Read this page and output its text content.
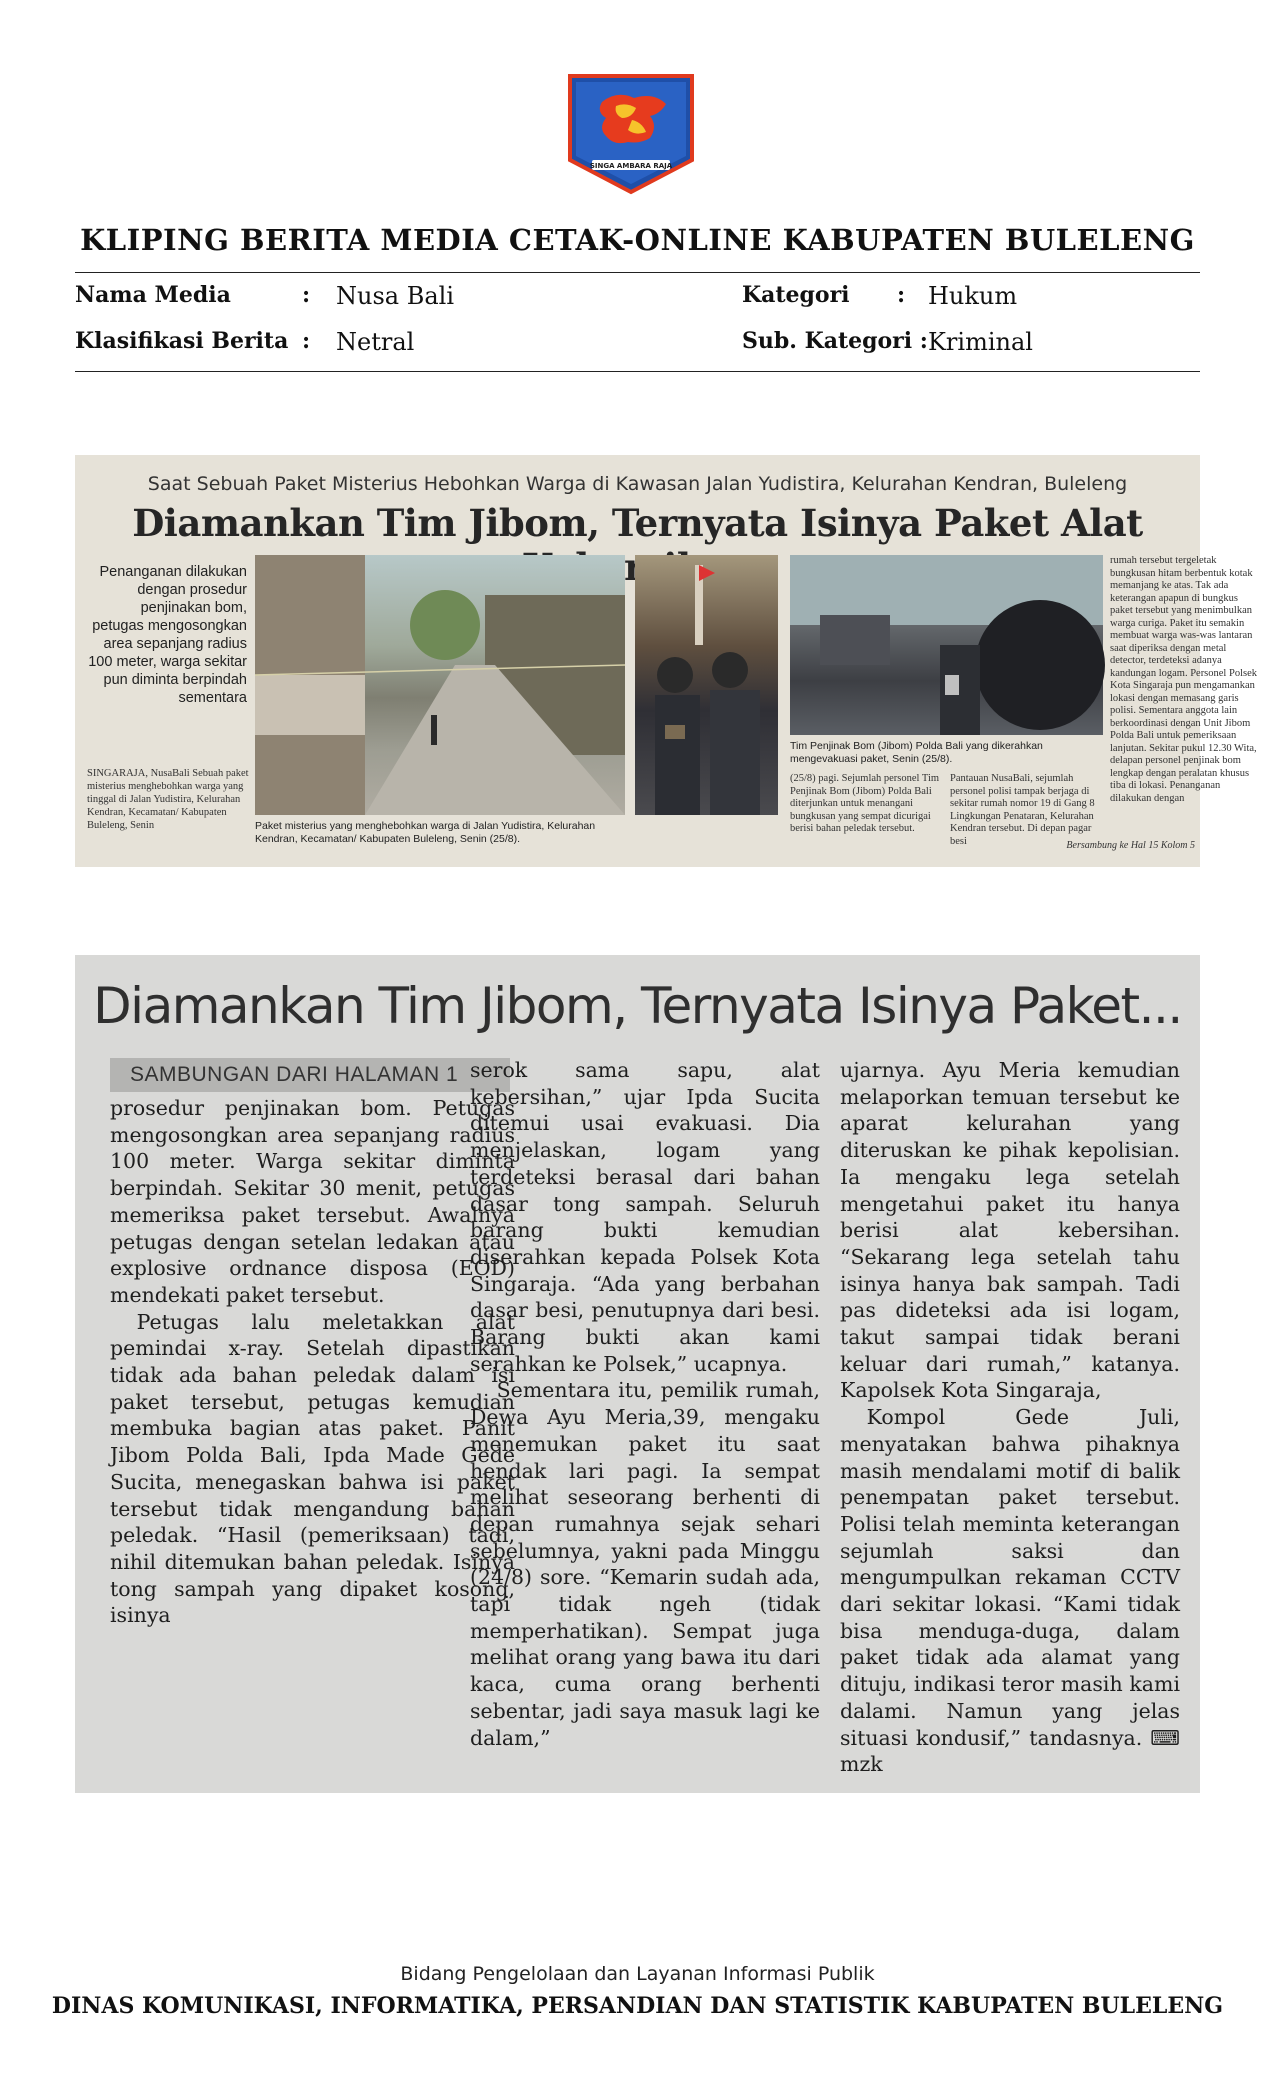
SINGA AMBARA RAJA
KLIPING BERITA MEDIA CETAK-ONLINE KABUPATEN BULELENG
Nama Media	: Nusa Bali	Kategori : Hukum
Klasifikasi Berita : Netral	Sub. Kategori : Kriminal
Saat Sebuah Paket Misterius Hebohkan Warga di Kawasan Jalan Yudistira, Kelurahan Kendran, Buleleng
Diamankan Tim Jibom, Ternyata Isinya Paket Alat
Penanganan dilakukan dengan prosedur penjinakan bom, petugas mengosongkan area sepanjang radius 100 meter, warga sekitar pun diminta berpindah sementara
SINGARAJA, NusaBali Sebuah paket misterius menghebohkan warga yang tinggal di Jalan Yudistira, Kelurahan Kendran, Kecamatan/ Kabupaten Buleleng, Senin	Paket misterius yang menghebohkan warga di Jalan Yudistira, Kelurahan Kendran, Kecamatan/ Kabupaten Buleleng, Senin (25/8).
Tim Penjinak Bom (Jibom) Polda Bali yang dikerahkan mengevakuasi paket, Senin (25/8).
(25/8) pagi. Sejumlah personel Tim Penjinak Bom (Jibom) Polda Bali diterjunkan untuk menangani bungkusan yang sempat dicurigai berisi bahan peledak tersebut.
Pantauan NusaBali, sejumlah personel polisi tampak berjaga di sekitar rumah nomor 19 di Gang 8 Lingkungan Penataran, Kelurahan Kendran tersebut. Di depan pagar besi
rumah tersebut tergeletak bungkusan hitam berbentuk kotak memanjang ke atas. Tak ada keterangan apapun di bungkus paket tersebut yang menimbulkan warga curiga. Paket itu semakin membuat warga was-was lantaran saat diperiksa dengan metal detector, terdeteksi adanya kandungan logam. Personel Polsek Kota Singaraja pun mengamankan lokasi dengan memasang garis polisi. Sementara anggota lain berkoordinasi dengan Unit Jibom Polda Bali untuk pemeriksaan lanjutan. Sekitar pukul 12.30 Wita, delapan personel penjinak bom lengkap dengan peralatan khusus tiba di lokasi. Penanganan dilakukan dengan
Bersambung ke Hal 15 Kolom 5
Diamankan Tim Jibom, Ternyata Isinya Paket...
SAMBUNGAN DARI HALAMAN 1

prosedur penjinakan bom. Petugas mengosongkan area sepanjang radius 100 meter. Warga sekitar diminta berpindah. Sekitar 30 menit, petugas memeriksa paket tersebut. Awalnya petugas dengan setelan ledakan atau explosive ordnance disposa (EOD) mendekati paket tersebut.

Petugas lalu meletakkan alat pemindai x-ray. Setelah dipastikan tidak ada bahan peledak dalam isi paket tersebut, petugas kemudian membuka bagian atas paket. Panit Jibom Polda Bali, Ipda Made Gede Sucita, menegaskan bahwa isi paket tersebut tidak mengandung bahan peledak. “Hasil (pemeriksaan) tadi, nihil ditemukan bahan peledak. Isinya tong sampah yang dipaket kosong, isinya

serok sama sapu, alat kebersihan,” ujar Ipda Sucita ditemui usai evakuasi. Dia menjelaskan, logam yang terdeteksi berasal dari bahan dasar tong sampah. Seluruh barang bukti kemudian diserahkan kepada Polsek Kota Singaraja. “Ada yang berbahan dasar besi, penutupnya dari besi. Barang bukti akan kami serahkan ke Polsek,” ucapnya.

Sementara itu, pemilik rumah, Dewa Ayu Meria,39, mengaku menemukan paket itu saat hendak lari pagi. Ia sempat melihat seseorang berhenti di depan rumahnya sejak sehari sebelumnya, yakni pada Minggu (24/8) sore. “Kemarin sudah ada, tapi tidak ngeh (tidak memperhatikan). Sempat juga melihat orang yang bawa itu dari kaca, cuma orang berhenti sebentar, jadi saya masuk lagi ke dalam,”

ujarnya. Ayu Meria kemudian melaporkan temuan tersebut ke aparat kelurahan yang diteruskan ke pihak kepolisian. Ia mengaku lega setelah mengetahui paket itu hanya berisi alat kebersihan. “Sekarang lega setelah tahu isinya hanya bak sampah. Tadi pas dideteksi ada isi logam, takut sampai tidak berani keluar dari rumah,” katanya. Kapolsek Kota Singaraja,

Kompol Gede Juli, menyatakan bahwa pihaknya masih mendalami motif di balik penempatan paket tersebut. Polisi telah meminta keterangan sejumlah saksi dan mengumpulkan rekaman CCTV dari sekitar lokasi. “Kami tidak bisa menduga-duga, dalam paket tidak ada alamat yang dituju, indikasi teror masih kami dalami. Namun yang jelas situasi kondusif,” tandasnya. ⌨ mzk

Bidang Pengelolaan dan Layanan Informasi Publik
DINAS KOMUNIKASI, INFORMATIKA, PERSANDIAN DAN STATISTIK KABUPATEN BULELENG
